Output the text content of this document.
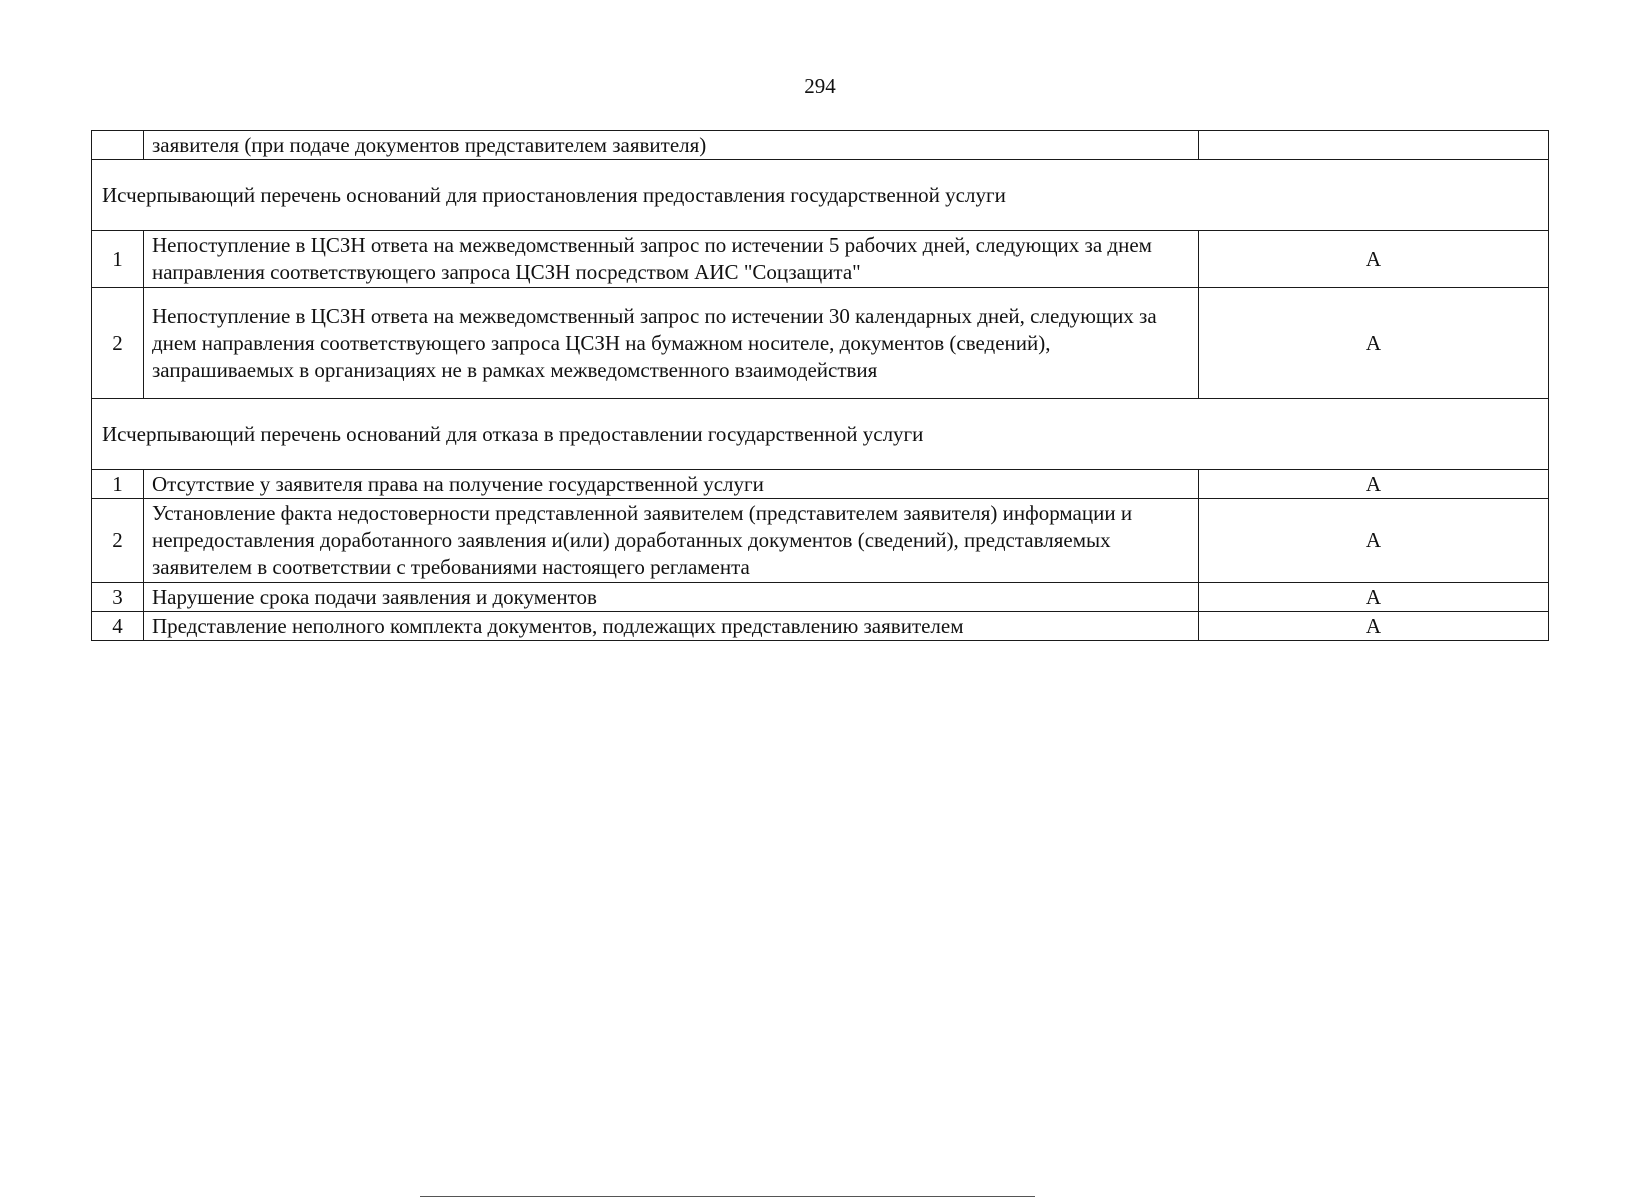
294
	заявителя (при подаче документов представителем заявителя)	
Исчерпывающий перечень оснований для приостановления предоставления государственной услуги		
1	Непоступление в ЦСЗН ответа на межведомственный запрос по истечении 5 рабочих дней, следующих за днем направления соответствующего запроса ЦСЗН посредством АИС "Соцзащита"	А
2	Непоступление в ЦСЗН ответа на межведомственный запрос по истечении 30 календарных дней, следующих за днем направления соответствующего запроса ЦСЗН на бумажном носителе, документов (сведений), запрашиваемых в организациях не в рамках межведомственного взаимодействия	А
Исчерпывающий перечень оснований для отказа в предоставлении государственной услуги		
1	Отсутствие у заявителя права на получение государственной услуги	А
2	Установление факта недостоверности представленной заявителем (представителем заявителя) информации и непредоставления доработанного заявления и(или) доработанных документов (сведений), представляемых заявителем в соответствии с требованиями настоящего регламента	А
3	Нарушение срока подачи заявления и документов	А
4	Представление неполного комплекта документов, подлежащих представлению заявителем	А
